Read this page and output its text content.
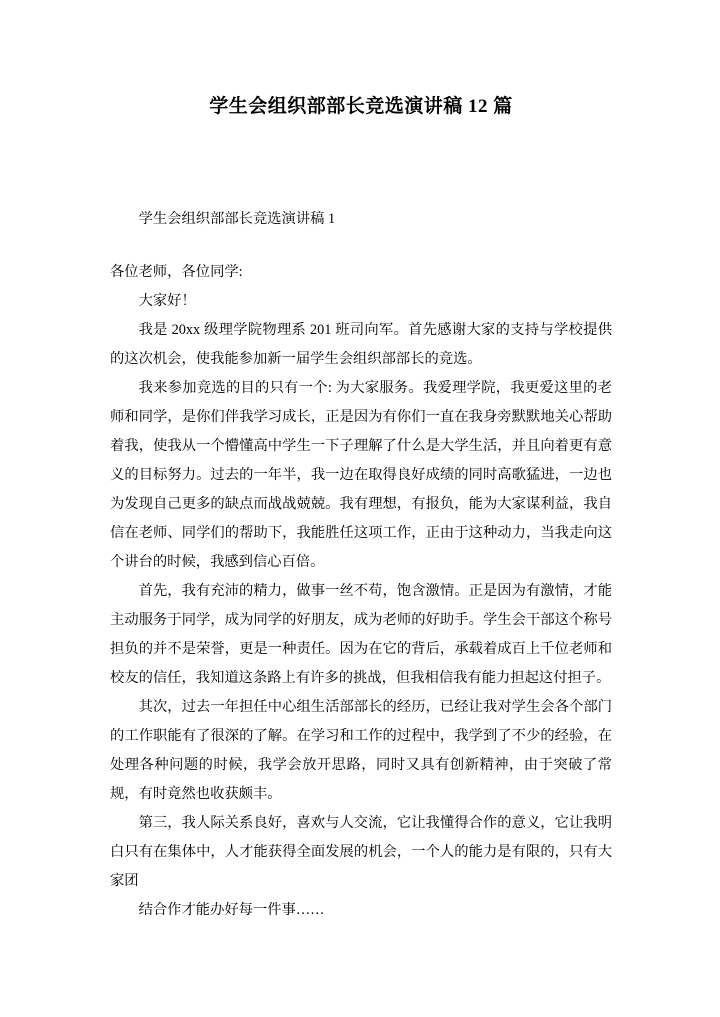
学生会组织部部长竞选演讲稿 12 篇

学生会组织部部长竞选演讲稿 1

各位老师，各位同学:

大家好！

我是 20xx 级理学院物理系 201 班司向军。首先感谢大家的支持与学校提供的这次机会，使我能参加新一届学生会组织部部长的竞选。

我来参加竞选的目的只有一个: 为大家服务。我爱理学院，我更爱这里的老师和同学，是你们伴我学习成长，正是因为有你们一直在我身旁默默地关心帮助着我，使我从一个懵懂高中学生一下子理解了什么是大学生活，并且向着更有意义的目标努力。过去的一年半，我一边在取得良好成绩的同时高歌猛进，一边也为发现自己更多的缺点而战战兢兢。我有理想，有报负，能为大家谋利益，我自信在老师、同学们的帮助下，我能胜任这项工作，正由于这种动力，当我走向这个讲台的时候，我感到信心百倍。

首先，我有充沛的精力，做事一丝不苟，饱含激情。正是因为有激情，才能主动服务于同学，成为同学的好朋友，成为老师的好助手。学生会干部这个称号担负的并不是荣誉，更是一种责任。因为在它的背后，承载着成百上千位老师和校友的信任，我知道这条路上有许多的挑战，但我相信我有能力担起这付担子。

其次，过去一年担任中心组生活部部长的经历，已经让我对学生会各个部门的工作职能有了很深的了解。在学习和工作的过程中，我学到了不少的经验，在处理各种问题的时候，我学会放开思路，同时又具有创新精神，由于突破了常规，有时竟然也收获颇丰。

第三，我人际关系良好，喜欢与人交流，它让我懂得合作的意义，它让我明白只有在集体中，人才能获得全面发展的机会，一个人的能力是有限的，只有大家团

结合作才能办好每一件事……
